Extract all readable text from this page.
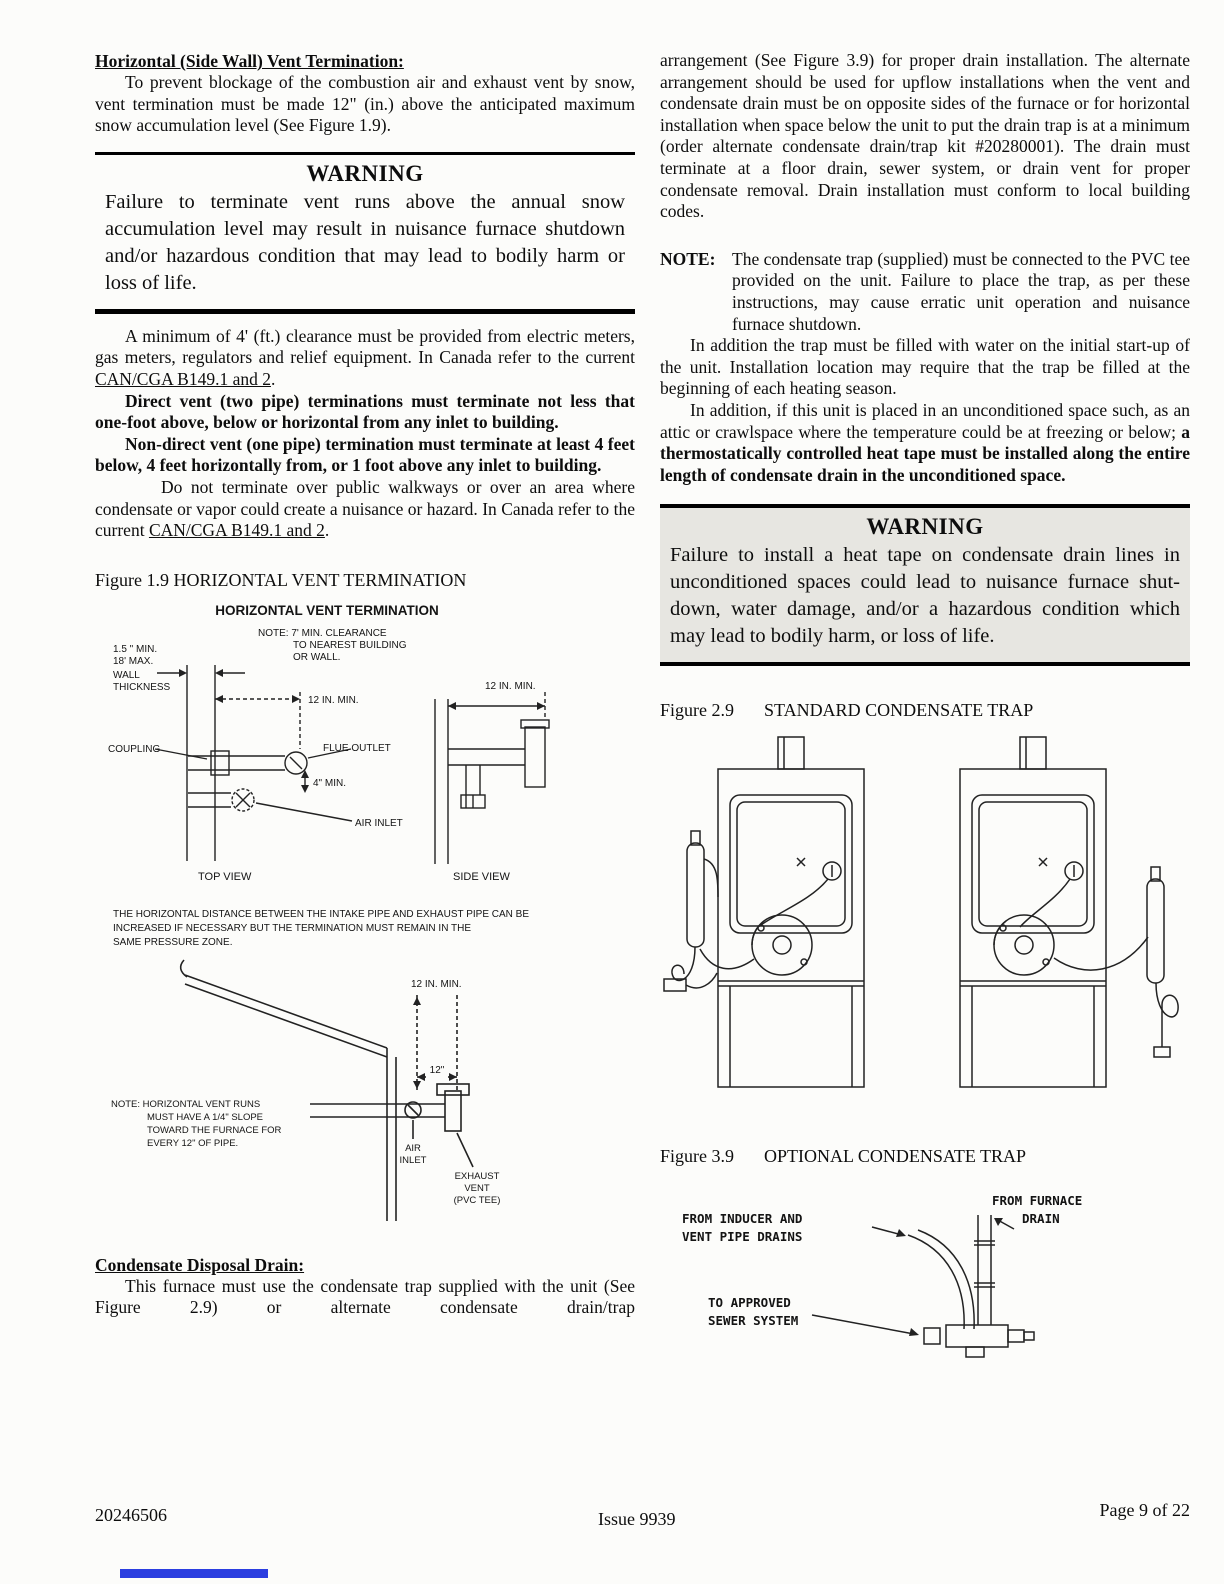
Horizontal (Side Wall) Vent Termination:

To prevent blockage of the combustion air and exhaust vent by snow, vent termination must be made 12" (in.) above the anticipated maximum snow accumulation level (See Figure 1.9).

WARNING
Failure to terminate vent runs above the annual snow accumulation level may result in nuisance furnace shutdown and/or hazardous condition that may lead to bodily harm or loss of life.

A minimum of 4' (ft.) clearance must be provided from electric meters, gas meters, regulators and relief equipment. In Canada refer to the current CAN/CGA B149.1 and 2.

Direct vent (two pipe) terminations must terminate not less that one-foot above, below or horizontal from any inlet to building.

Non-direct vent (one pipe) termination must terminate at least 4 feet below, 4 feet horizontally from, or 1 foot above any inlet to building.

Do not terminate over public walkways or over an area where condensate or vapor could create a nuisance or hazard. In Canada refer to the current CAN/CGA B149.1 and 2.

Figure 1.9 HORIZONTAL VENT TERMINATION

HORIZONTAL VENT TERMINATION
NOTE: 7' MIN. CLEARANCE
TO NEAREST BUILDING
OR WALL.
1.5 " MIN.
18' MAX.
WALL
THICKNESS
12 IN. MIN.
COUPLING	FLUE OUTLET
4" MIN.
AIR INLET
TOP VIEW
12 IN. MIN.
SIDE VIEW
THE HORIZONTAL DISTANCE BETWEEN THE INTAKE PIPE AND EXHAUST PIPE CAN BE
INCREASED IF NECESSARY BUT THE TERMINATION MUST REMAIN IN THE
SAME PRESSURE ZONE.
12 IN. MIN.
12"
NOTE: HORIZONTAL VENT RUNS
MUST HAVE A 1/4" SLOPE
TOWARD THE FURNACE FOR
EVERY 12" OF PIPE.	AIR
INLET
EXHAUST
VENT
(PVC TEE)
Condensate Disposal Drain:

This furnace must use the condensate trap supplied with the unit (See Figure 2.9) or alternate condensate drain/trap

arrangement (See Figure 3.9) for proper drain installation. The alternate arrangement should be used for upflow installations when the vent and condensate drain must be on opposite sides of the furnace or for horizontal installation when space below the unit to put the drain trap is at a minimum (order alternate condensate drain/trap kit #20280001). The drain must terminate at a floor drain, sewer system, or drain vent for proper condensate removal. Drain installation must conform to local building codes.

NOTE: The condensate trap (supplied) must be connected to the PVC tee provided on the unit. Failure to place the trap, as per these instructions, may cause erratic unit operation and nuisance furnace shutdown.

In addition the trap must be filled with water on the initial start-up of the unit. Installation location may require that the trap be filled at the beginning of each heating season.

In addition, if this unit is placed in an unconditioned space such, as an attic or crawlspace where the temperature could be at freezing or below; a thermostatically controlled heat tape must be installed along the entire length of condensate drain in the unconditioned space.

WARNING
Failure to install a heat tape on condensate drain lines in unconditioned spaces could lead to nuisance furnace shut-down, water damage, and/or a hazardous condition which may lead to bodily harm, or loss of life.

Figure 2.9 STANDARD CONDENSATE TRAP

Figure 3.9 OPTIONAL CONDENSATE TRAP

FROM INDUCER AND
VENT PIPE DRAINS
FROM FURNACE
DRAIN
TO APPROVED
SEWER SYSTEM
20246506	Issue 9939	Page 9 of 22
